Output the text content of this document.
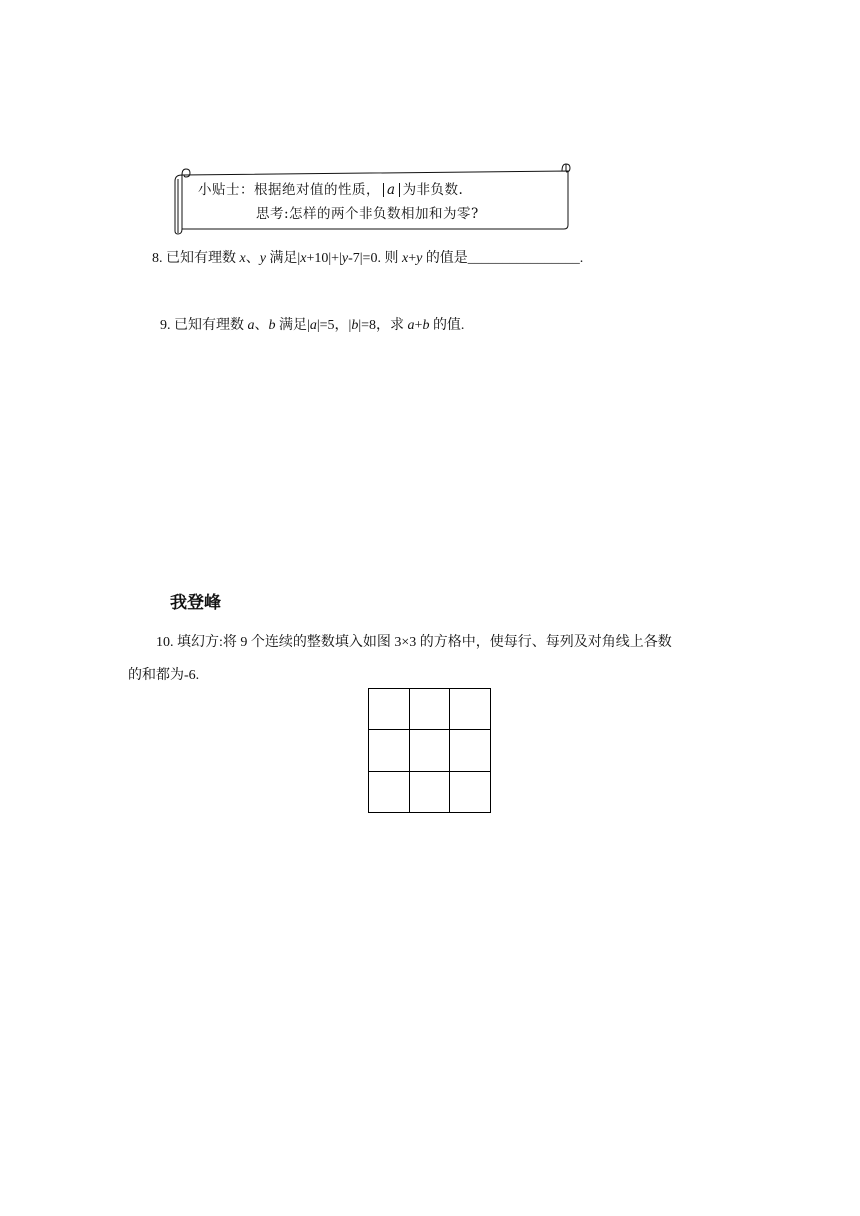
小贴士：根据绝对值的性质， a 为非负数.
思考:怎样的两个非负数相加和为零?
8. 已知有理数 x、y 满足|x+10|+|y-7|=0. 则 x+y 的值是________________.
9. 已知有理数 a、b 满足|a|=5，|b|=8，求 a+b 的值.
我登峰
10. 填幻方:将 9 个连续的整数填入如图 3×3 的方格中，使每行、每列及对角线上各数
的和都为-6.
